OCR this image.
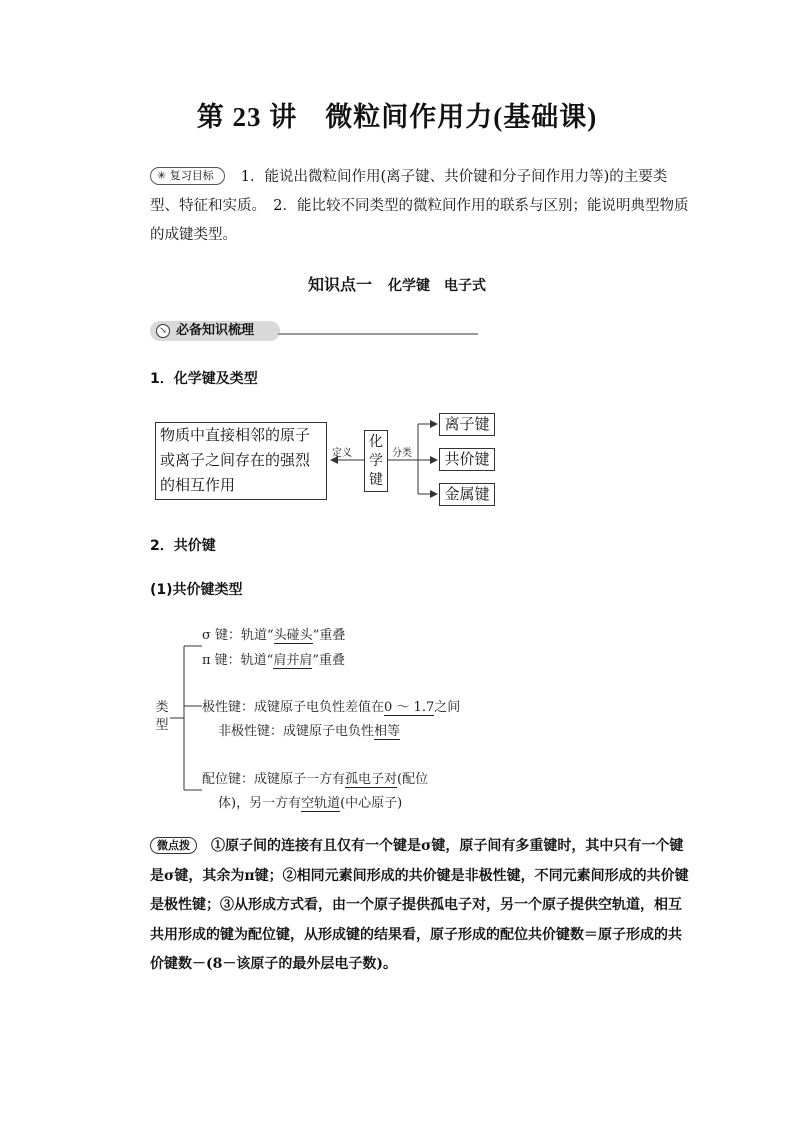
第 23 讲　微粒间作用力(基础课)
✳ 复习目标 1．能说出微粒间作用(离子键、共价键和分子间作用力等)的主要类型、特征和实质。　2．能比较不同类型的微粒间作用的联系与区别；能说明典型物质的成键类型。
知识点一 化学键　电子式
必备知识梳理
↘
1．化学键及类型
物质中直接相邻的原子或离子之间存在的强烈的相互作用
定义
化学键
分类
离子键
共价键
金属键
2．共价键
(1)共价键类型
类型
σ 键：轨道“头碰头”重叠
π 键：轨道“肩并肩”重叠
极性键：成键原子电负性差值在0 ～ 1.7之间
非极性键：成键原子电负性相等
配位键：成键原子一方有孤电子对(配位
体)，另一方有空轨道(中心原子)
微点拨 ①原子间的连接有且仅有一个键是σ键，原子间有多重键时，其中只有一个键是σ键，其余为π键；②相同元素间形成的共价键是非极性键，不同元素间形成的共价键是极性键；③从形成方式看，由一个原子提供孤电子对，另一个原子提供空轨道，相互共用形成的键为配位键，从形成键的结果看，原子形成的配位共价键数＝原子形成的共价键数－(8－该原子的最外层电子数)。
